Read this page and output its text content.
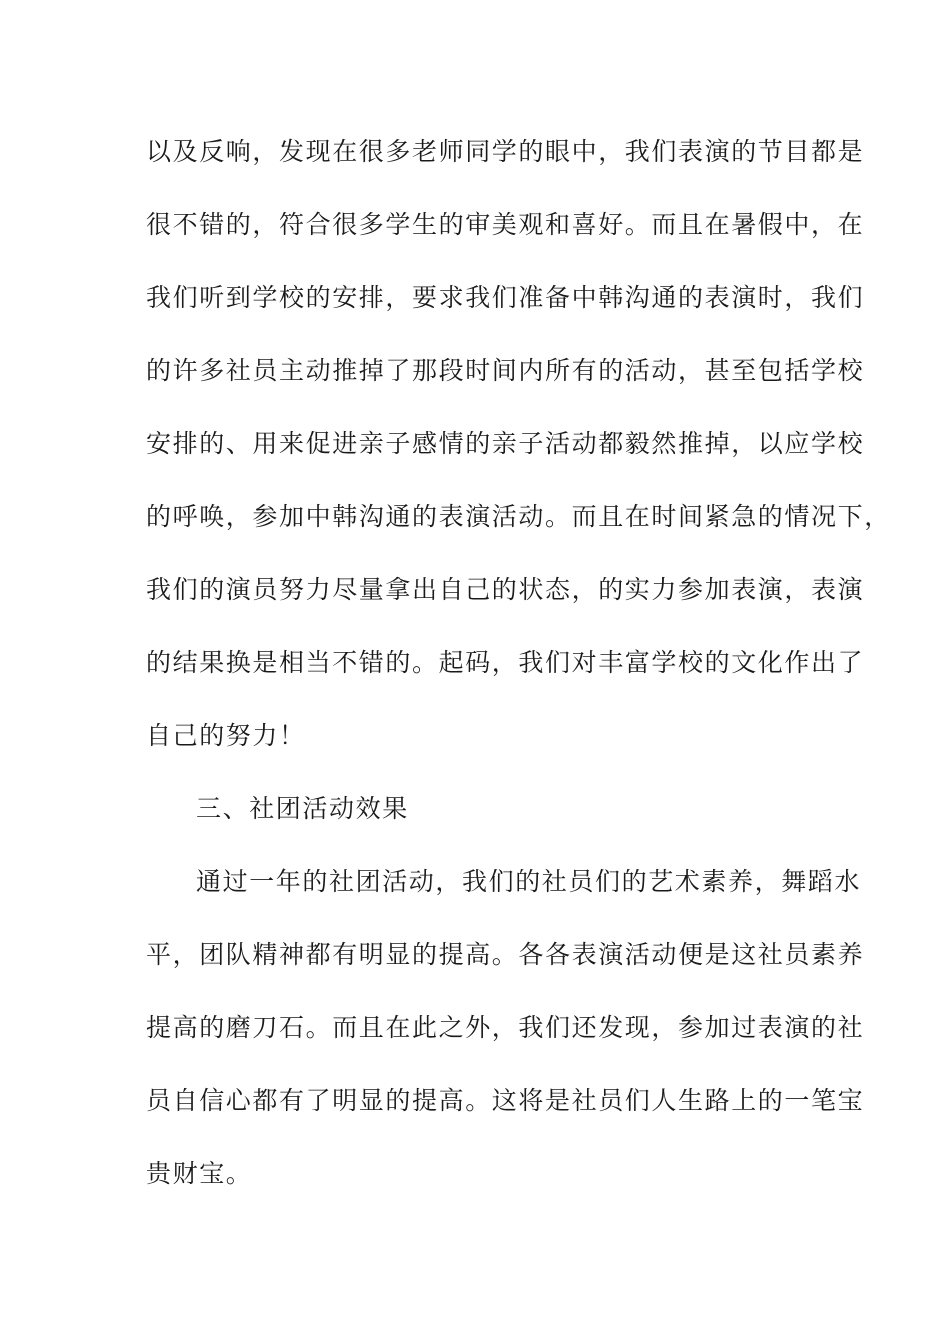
以及反响，发现在很多老师同学的眼中，我们表演的节目都是
很不错的，符合很多学生的审美观和喜好。而且在暑假中，在
我们听到学校的安排，要求我们准备中韩沟通的表演时，我们
的许多社员主动推掉了那段时间内所有的活动，甚至包括学校
安排的、用来促进亲子感情的亲子活动都毅然推掉，以应学校
的呼唤，参加中韩沟通的表演活动。而且在时间紧急的情况下，
我们的演员努力尽量拿出自己的状态，的实力参加表演，表演
的结果换是相当不错的。起码，我们对丰富学校的文化作出了
自己的努力！
三、社团活动效果
通过一年的社团活动，我们的社员们的艺术素养，舞蹈水
平，团队精神都有明显的提高。各各表演活动便是这社员素养
提高的磨刀石。而且在此之外，我们还发现，参加过表演的社
员自信心都有了明显的提高。这将是社员们人生路上的一笔宝
贵财宝。
